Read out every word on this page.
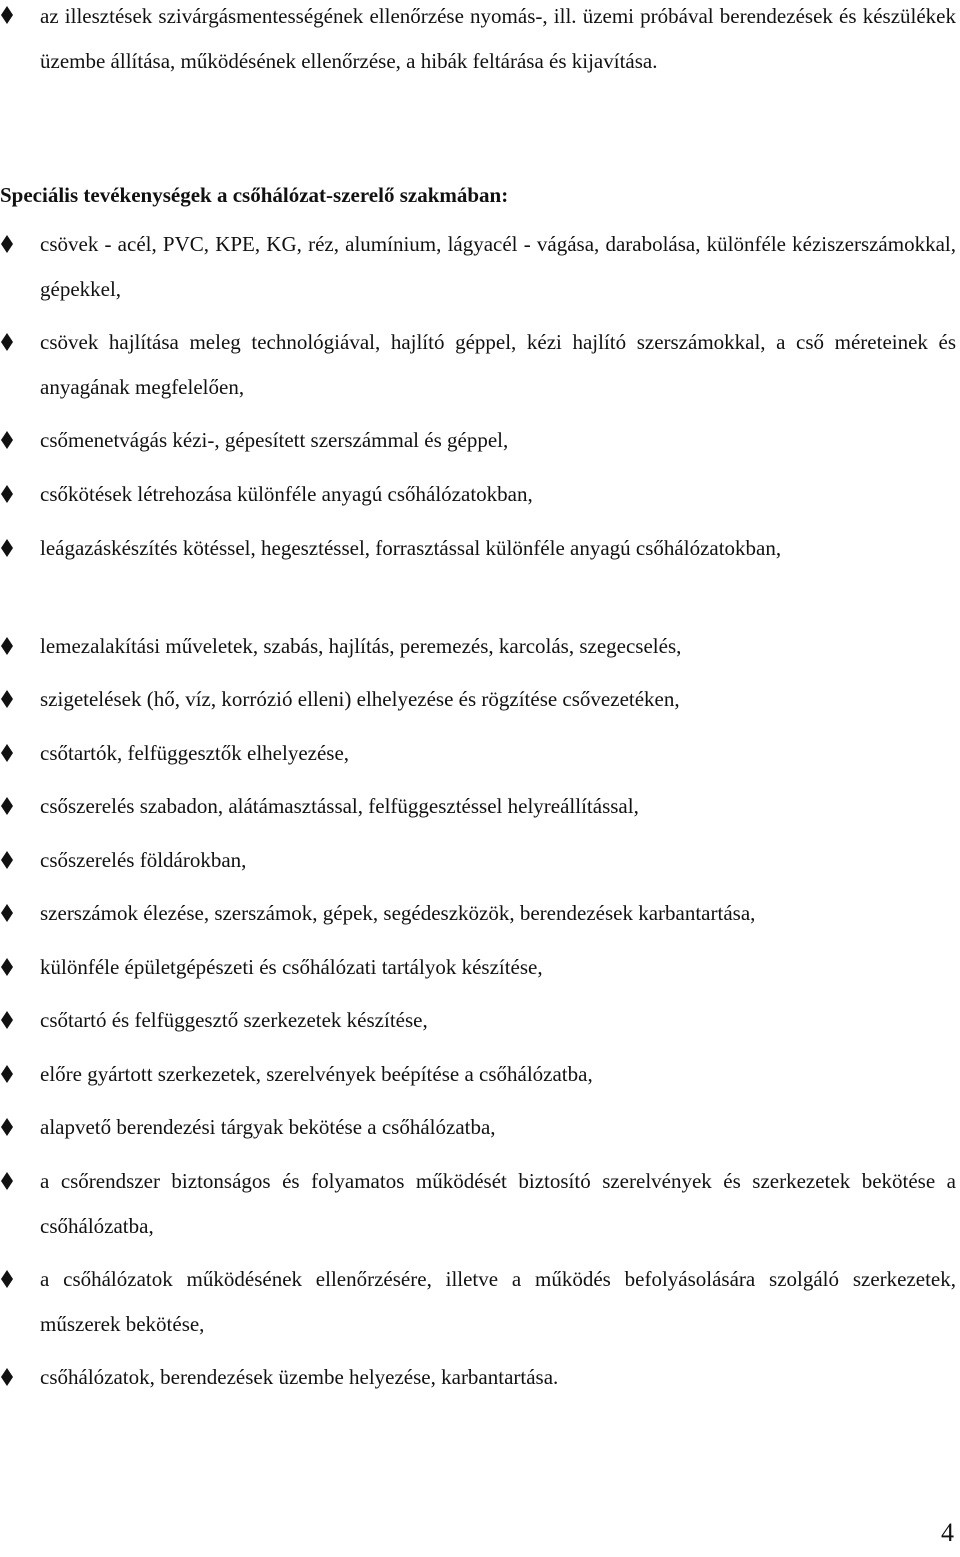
az illesztések szivárgásmentességének ellenőrzése nyomás-, ill. üzemi próbával berendezések és készülékek üzembe állítása, működésének ellenőrzése, a hibák feltárása és kijavítása.
Speciális tevékenységek a csőhálózat-szerelő szakmában:
csövek - acél, PVC, KPE, KG, réz, alumínium, lágyacél - vágása, darabolása, különféle kéziszerszámokkal, gépekkel,
csövek hajlítása meleg technológiával, hajlító géppel, kézi hajlító szerszámokkal, a cső méreteinek és anyagának megfelelően,
csőmenetvágás kézi-, gépesített szerszámmal és géppel,
csőkötések létrehozása különféle anyagú csőhálózatokban,
leágazáskészítés kötéssel, hegesztéssel, forrasztással különféle anyagú csőhálózatokban,
lemezalakítási műveletek, szabás, hajlítás, peremezés, karcolás, szegecselés,
szigetelések (hő, víz, korrózió elleni) elhelyezése és rögzítése csővezetéken,
csőtartók, felfüggesztők elhelyezése,
csőszerelés szabadon, alátámasztással, felfüggesztéssel helyreállítással,
csőszerelés földárokban,
szerszámok élezése, szerszámok, gépek, segédeszközök, berendezések karbantartása,
különféle épületgépészeti és csőhálózati tartályok készítése,
csőtartó és felfüggesztő szerkezetek készítése,
előre gyártott szerkezetek, szerelvények beépítése a csőhálózatba,
alapvető berendezési tárgyak bekötése a csőhálózatba,
a csőrendszer biztonságos és folyamatos működését biztosító szerelvények és szerkezetek bekötése a csőhálózatba,
a csőhálózatok működésének ellenőrzésére, illetve a működés befolyásolására szolgáló szerkezetek, műszerek bekötése,
csőhálózatok, berendezések üzembe helyezése, karbantartása.
4
